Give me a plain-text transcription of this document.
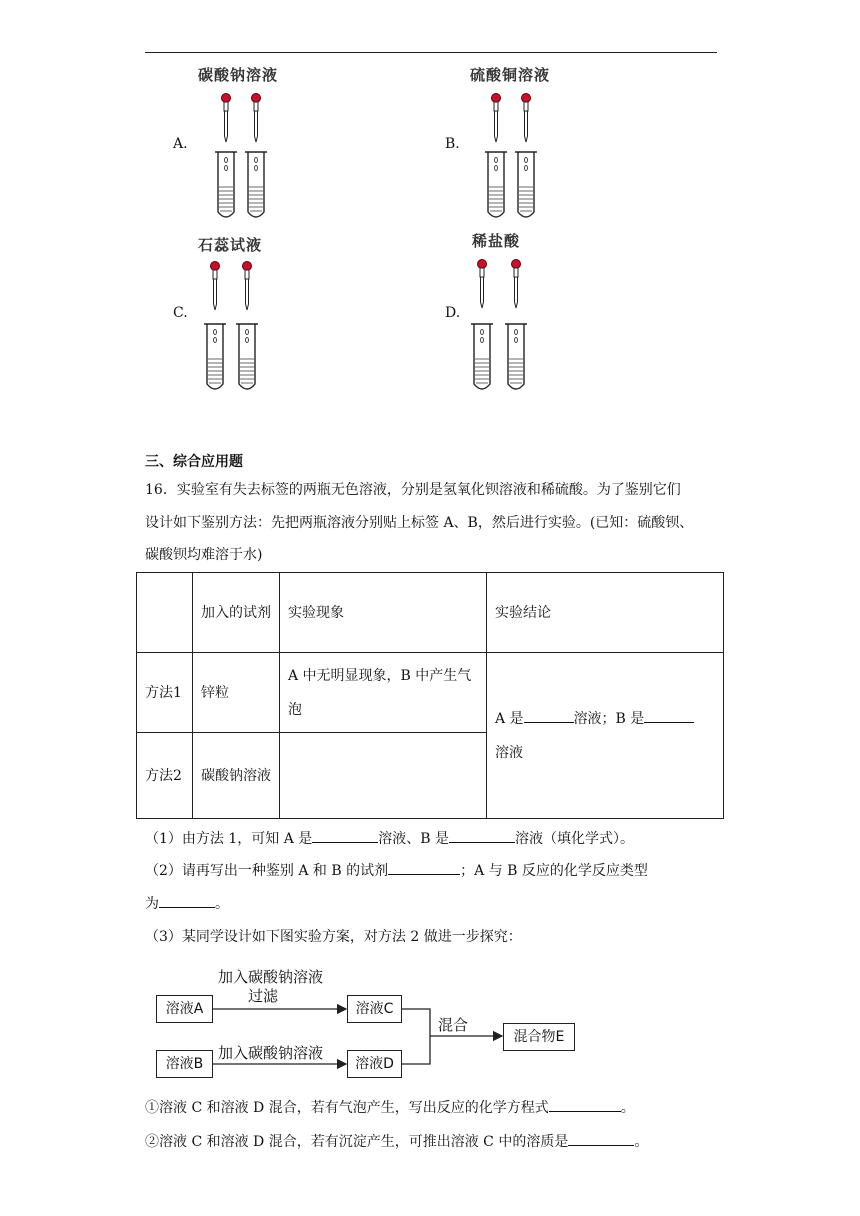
碳酸钠溶液
A.
硫酸铜溶液
B.
石蕊试液
C.
稀盐酸
D.
三、综合应用题
16．实验室有失去标签的两瓶无色溶液，分别是氢氧化钡溶液和稀硫酸。为了鉴别它们
设计如下鉴别方法：先把两瓶溶液分别贴上标签 A、B，然后进行实验。(已知：硫酸钡、
碳酸钡均难溶于水)
	加入的试剂	实验现象	实验结论
方法1	锌粒	A 中无明显现象，B 中产生气泡	A 是 溶液；B 是
溶液
方法2	碳酸钠溶液		
（1）由方法 1，可知 A 是	溶液、B 是	溶液（填化学式）。
（2）请再写出一种鉴别 A 和 B 的试剂	；A 与 B 反应的化学反应类型
为	。
（3）某同学设计如下图实验方案，对方法 2 做进一步探究：
溶液A
溶液B
溶液C
溶液D
混合物E
加入碳酸钠溶液
过滤
加入碳酸钠溶液
混合
①溶液 C 和溶液 D 混合，若有气泡产生，写出反应的化学方程式	。
②溶液 C 和溶液 D 混合，若有沉淀产生，可推出溶液 C 中的溶质是	。
